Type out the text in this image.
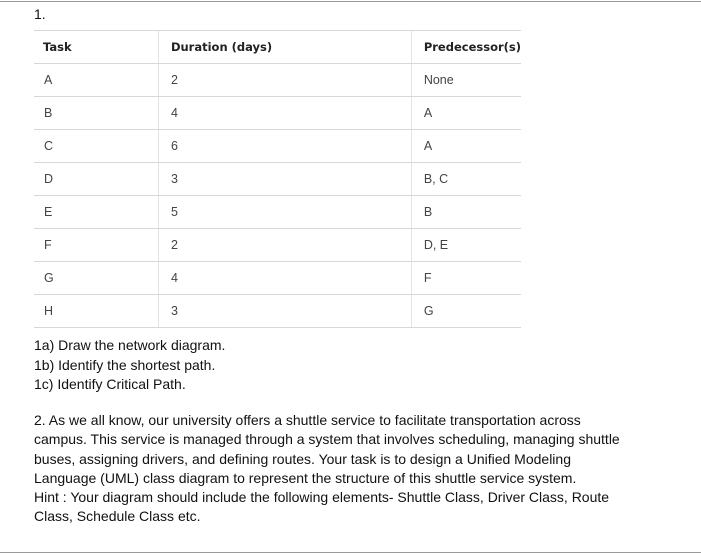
1.
Task	Duration (days)	Predecessor(s)
A	2	None
B	4	A
C	6	A
D	3	B, C
E	5	B
F	2	D, E
G	4	F
H	3	G
1a) Draw the network diagram.
1b) Identify the shortest path.
1c) Identify Critical Path.

2. As we all know, our university offers a shuttle service to facilitate transportation across campus. This service is managed through a system that involves scheduling, managing shuttle buses, assigning drivers, and defining routes. Your task is to design a Unified Modeling Language (UML) class diagram to represent the structure of this shuttle service system.

Hint : Your diagram should include the following elements- Shuttle Class, Driver Class, Route Class, Schedule Class etc.
